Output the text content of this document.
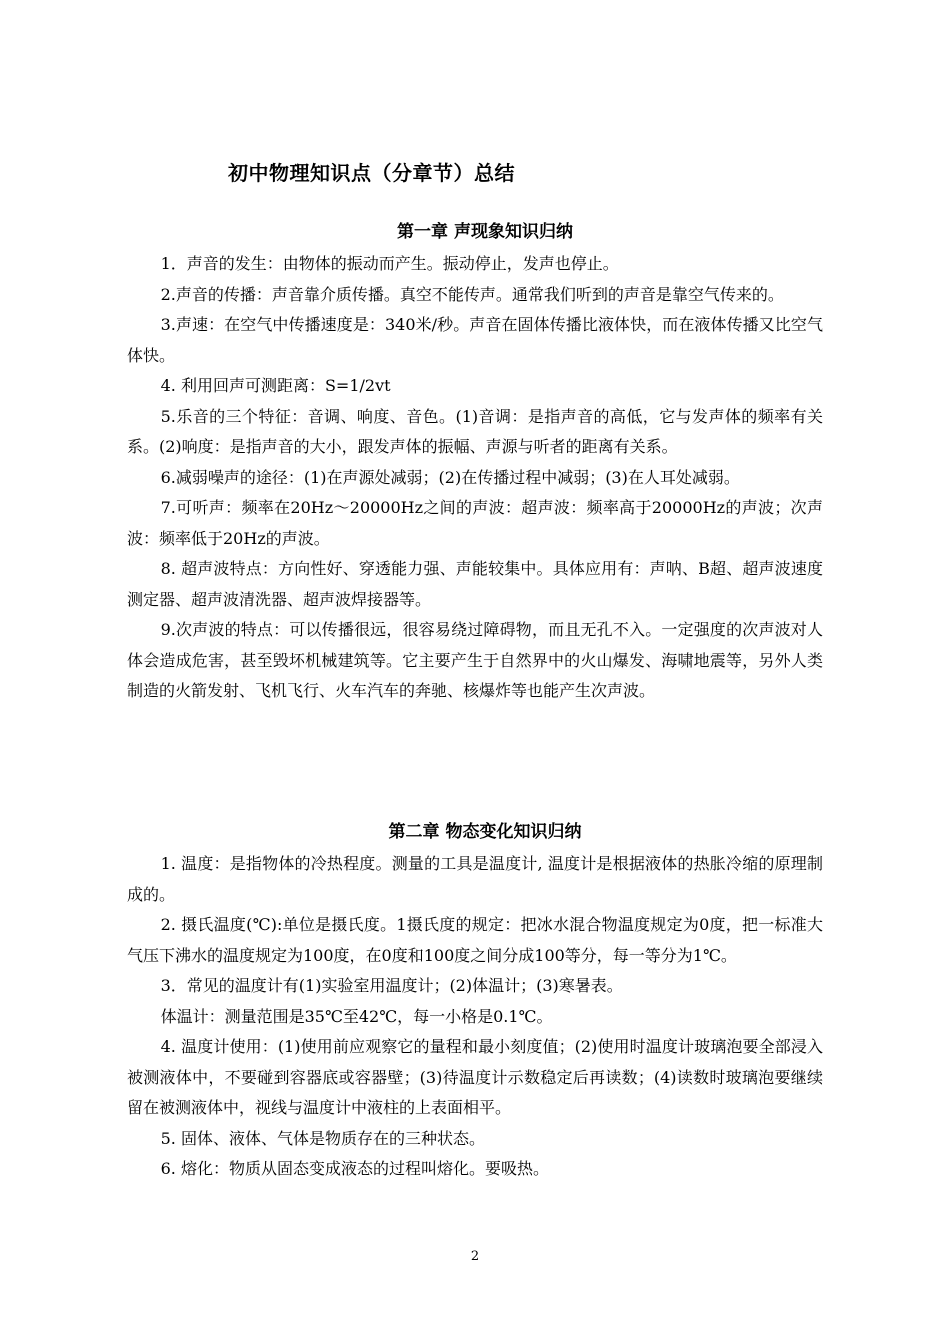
初中物理知识点（分章节）总结
第一章 声现象知识归纳

1．声音的发生：由物体的振动而产生。振动停止，发声也停止。

2.声音的传播：声音靠介质传播。真空不能传声。通常我们听到的声音是靠空气传来的。

3.声速：在空气中传播速度是：340米/秒。声音在固体传播比液体快，而在液体传播又比空气体快。

4. 利用回声可测距离：S=1/2vt

5.乐音的三个特征：音调、响度、音色。(1)音调：是指声音的高低，它与发声体的频率有关系。(2)响度：是指声音的大小，跟发声体的振幅、声源与听者的距离有关系。

6.减弱噪声的途径：(1)在声源处减弱；(2)在传播过程中减弱；(3)在人耳处减弱。

7.可听声：频率在20Hz～20000Hz之间的声波：超声波：频率高于20000Hz的声波；次声波：频率低于20Hz的声波。

8. 超声波特点：方向性好、穿透能力强、声能较集中。具体应用有：声呐、B超、超声波速度测定器、超声波清洗器、超声波焊接器等。

9.次声波的特点：可以传播很远，很容易绕过障碍物，而且无孔不入。一定强度的次声波对人体会造成危害，甚至毁坏机械建筑等。它主要产生于自然界中的火山爆发、海啸地震等，另外人类制造的火箭发射、飞机飞行、火车汽车的奔驰、核爆炸等也能产生次声波。

第二章 物态变化知识归纳

1. 温度：是指物体的冷热程度。测量的工具是温度计, 温度计是根据液体的热胀冷缩的原理制成的。

2. 摄氏温度(℃):单位是摄氏度。1摄氏度的规定：把冰水混合物温度规定为0度，把一标准大气压下沸水的温度规定为100度，在0度和100度之间分成100等分，每一等分为1℃。

3．常见的温度计有(1)实验室用温度计；(2)体温计；(3)寒暑表。

体温计：测量范围是35℃至42℃，每一小格是0.1℃。

4. 温度计使用：(1)使用前应观察它的量程和最小刻度值；(2)使用时温度计玻璃泡要全部浸入被测液体中，不要碰到容器底或容器壁；(3)待温度计示数稳定后再读数；(4)读数时玻璃泡要继续留在被测液体中，视线与温度计中液柱的上表面相平。

5. 固体、液体、气体是物质存在的三种状态。

6. 熔化：物质从固态变成液态的过程叫熔化。要吸热。

2
